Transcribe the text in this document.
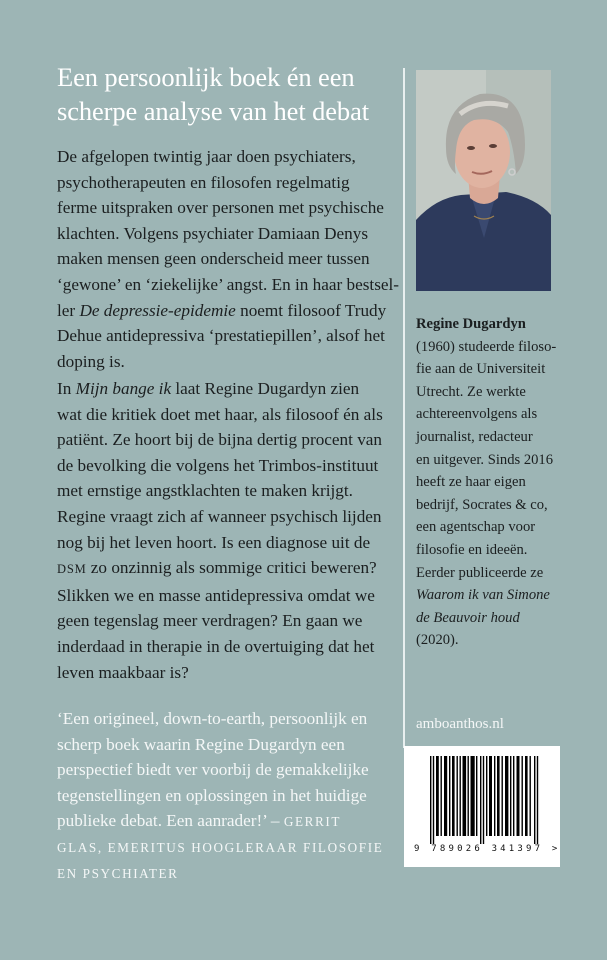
Een persoonlijk boek én een
scherpe analyse van het debat
De afgelopen twintig jaar doen psychiaters,
psychotherapeuten en filosofen regelmatig
ferme uitspraken over personen met psychische
klachten. Volgens psychiater Damiaan Denys
maken mensen geen onderscheid meer tussen
‘gewone’ en ‘ziekelijke’ angst. En in haar bestsel-
ler De depressie-epidemie noemt filosoof Trudy
Dehue antidepressiva ‘prestatiepillen’, alsof het
doping is.
In Mijn bange ik laat Regine Dugardyn zien
wat die kritiek doet met haar, als filosoof én als
patiënt. Ze hoort bij de bijna dertig procent van
de bevolking die volgens het Trimbos-instituut
met ernstige angstklachten te maken krijgt.
Regine vraagt zich af wanneer psychisch lijden
nog bij het leven hoort. Is een diagnose uit de
DSM zo onzinnig als sommige critici beweren?
Slikken we en masse antidepressiva omdat we
geen tegenslag meer verdragen? En gaan we
inderdaad in therapie in de overtuiging dat het
leven maakbaar is?
‘Een origineel, down-to-earth, persoonlijk en
scherp boek waarin Regine Dugardyn een
perspectief biedt ver voorbij de gemakkelijke
tegenstellingen en oplossingen in het huidige
publieke debat. Een aanrader!’ – GERRIT
GLAS, EMERITUS HOOGLERAAR FILOSOFIE
EN PSYCHIATER
Regine Dugardyn
(1960) studeerde filoso-
fie aan de Universiteit
Utrecht. Ze werkte
achtereenvolgens als
journalist, redacteur
en uitgever. Sinds 2016
heeft ze haar eigen
bedrijf, Socrates & co,
een agentschap voor
filosofie en ideeën.
Eerder publiceerde ze
Waarom ik van Simone
de Beauvoir houd
(2020).
amboanthos.nl
9 789026 341397 >
